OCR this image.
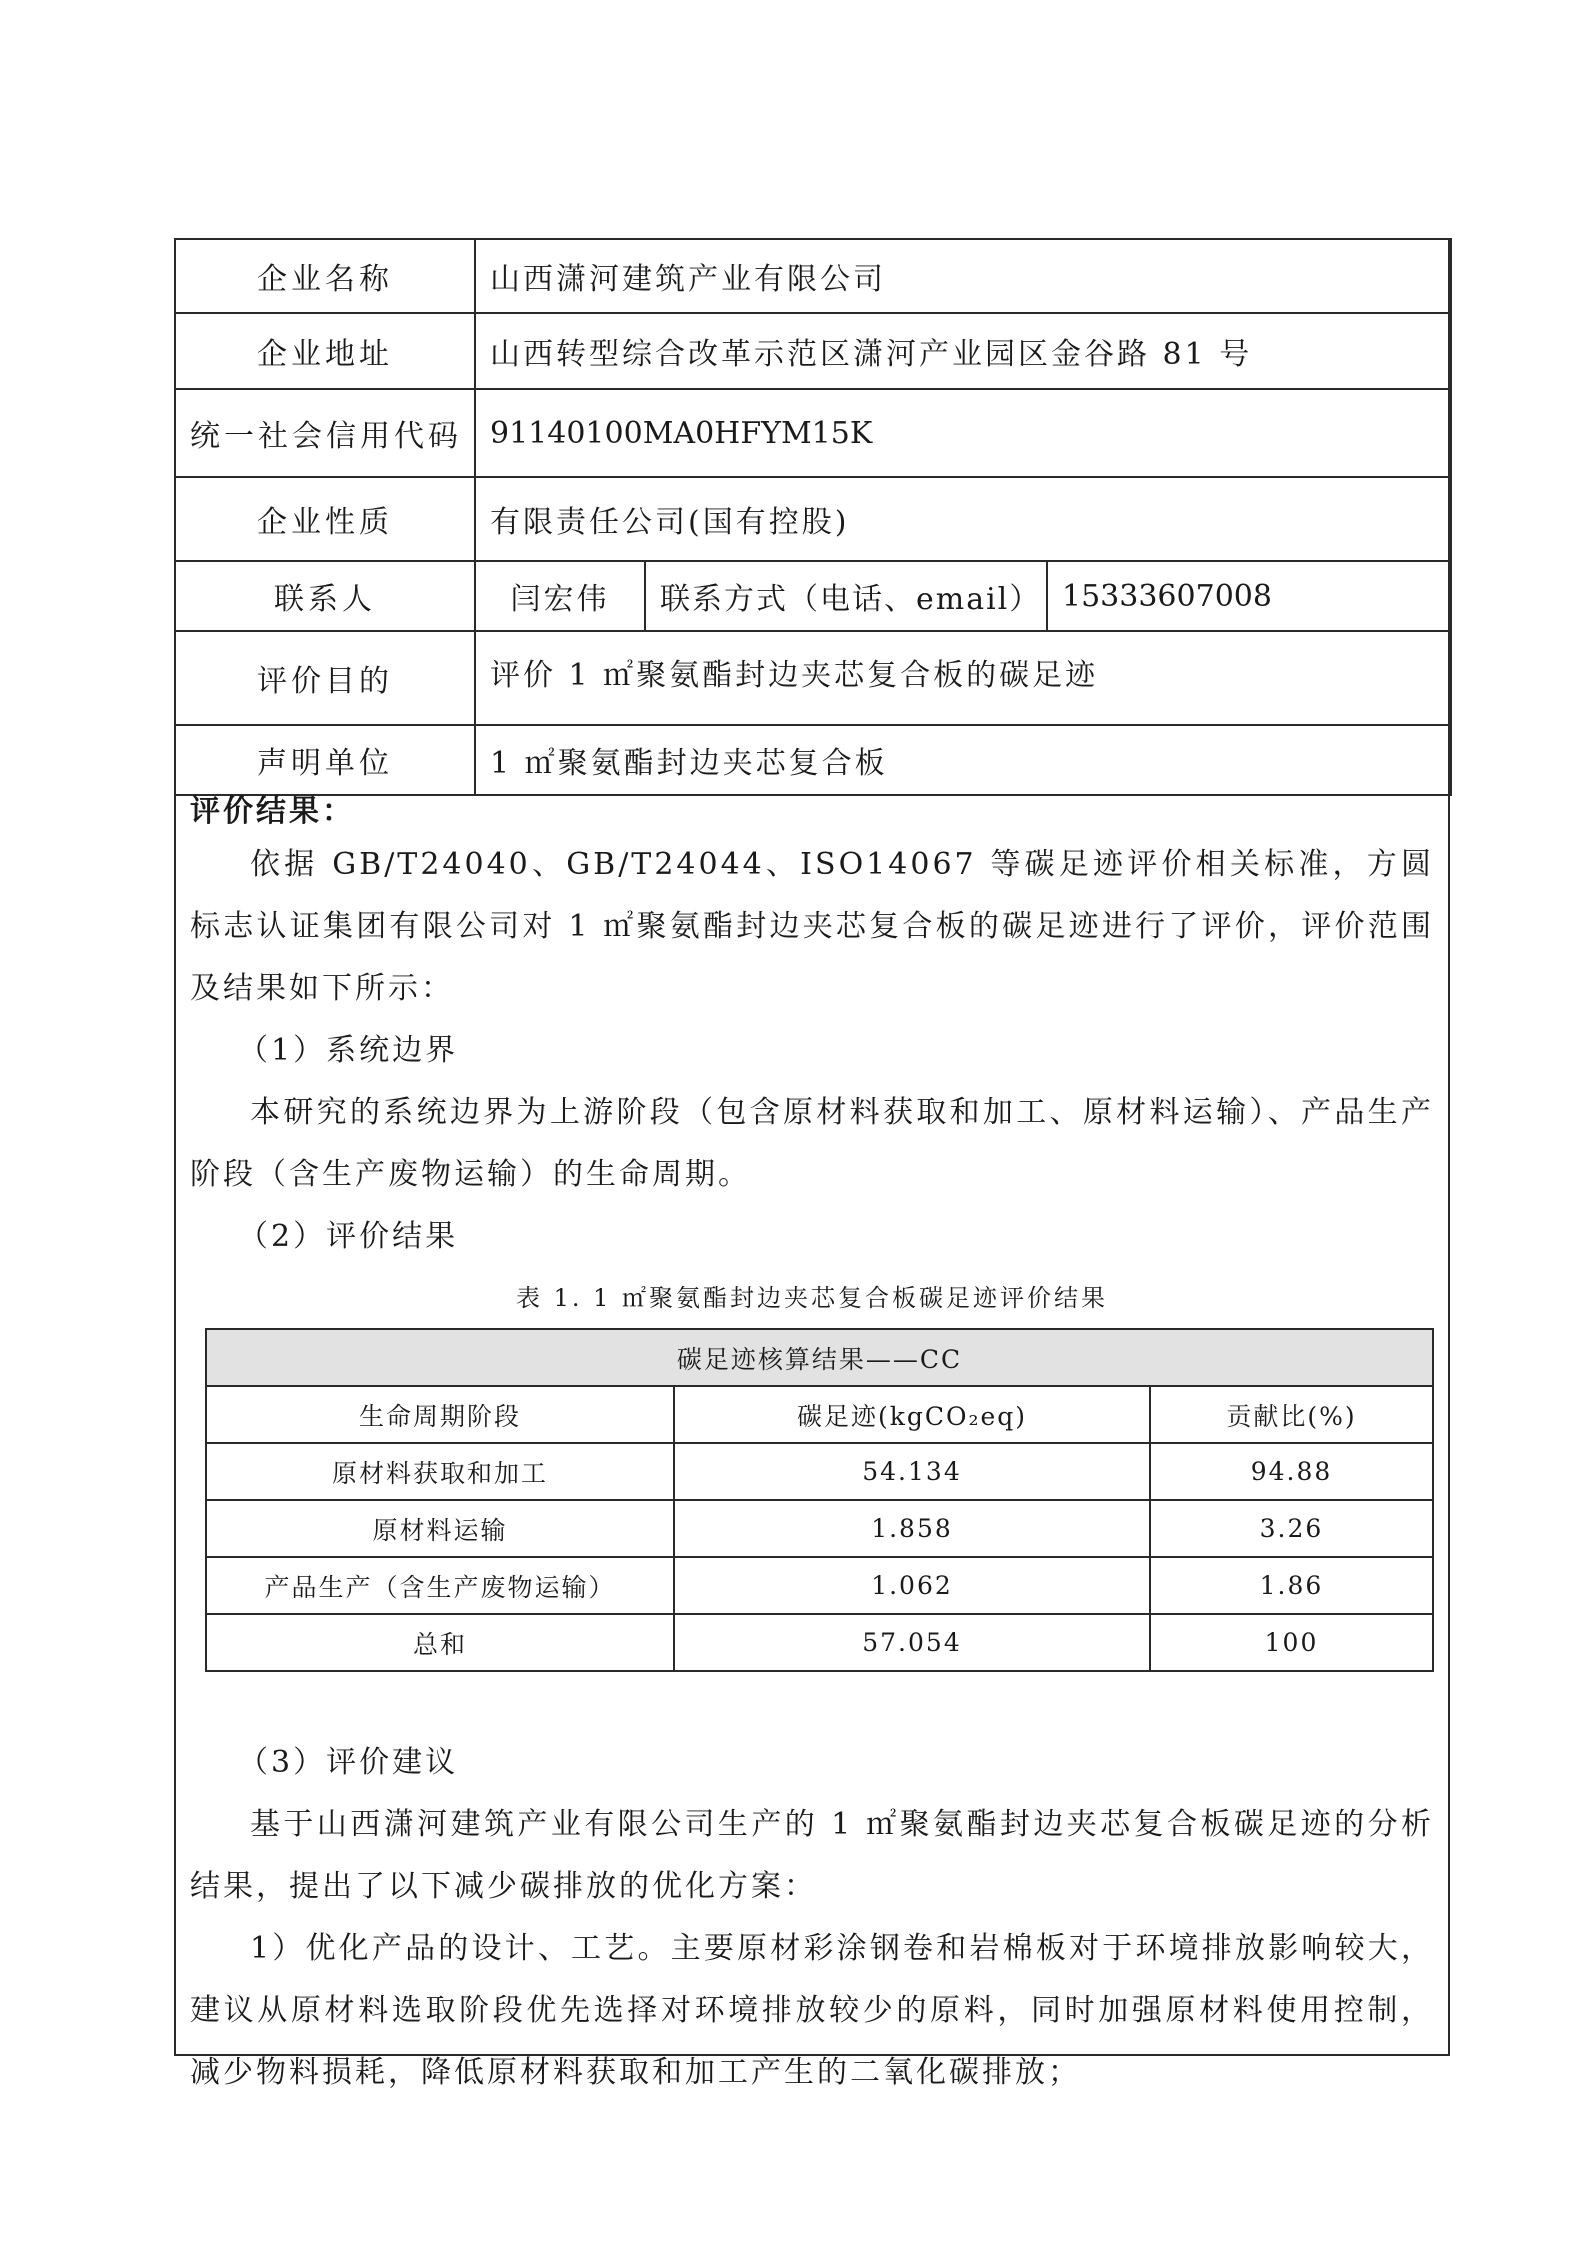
企业名称	山西潇河建筑产业有限公司		
企业地址	山西转型综合改革示范区潇河产业园区金谷路 81 号		
统一社会信用代码	91140100MA0HFYM15K		
企业性质	有限责任公司(国有控股)		
联系人	闫宏伟	联系方式（电话、email）	15333607008
评价目的	评价 1 ㎡聚氨酯封边夹芯复合板的碳足迹		
声明单位	1 ㎡聚氨酯封边夹芯复合板		
评价结果：

依据 GB/T24040、GB/T24044、ISO14067 等碳足迹评价相关标准，方圆标志认证集团有限公司对 1 ㎡聚氨酯封边夹芯复合板的碳足迹进行了评价，评价范围及结果如下所示：

（1）系统边界

本研究的系统边界为上游阶段（包含原材料获取和加工、原材料运输）、产品生产阶段（含生产废物运输）的生命周期。

（2）评价结果

表 1. 1 ㎡聚氨酯封边夹芯复合板碳足迹评价结果
碳足迹核算结果——CC		
生命周期阶段	碳足迹(kgCO₂eq)	贡献比(%)
原材料获取和加工	54.134	94.88
原材料运输	1.858	3.26
产品生产（含生产废物运输）	1.062	1.86
总和	57.054	100

（3）评价建议

基于山西潇河建筑产业有限公司生产的 1 ㎡聚氨酯封边夹芯复合板碳足迹的分析结果，提出了以下减少碳排放的优化方案：

1）优化产品的设计、工艺。主要原材彩涂钢卷和岩棉板对于环境排放影响较大，建议从原材料选取阶段优先选择对环境排放较少的原料，同时加强原材料使用控制，减少物料损耗，降低原材料获取和加工产生的二氧化碳排放；
